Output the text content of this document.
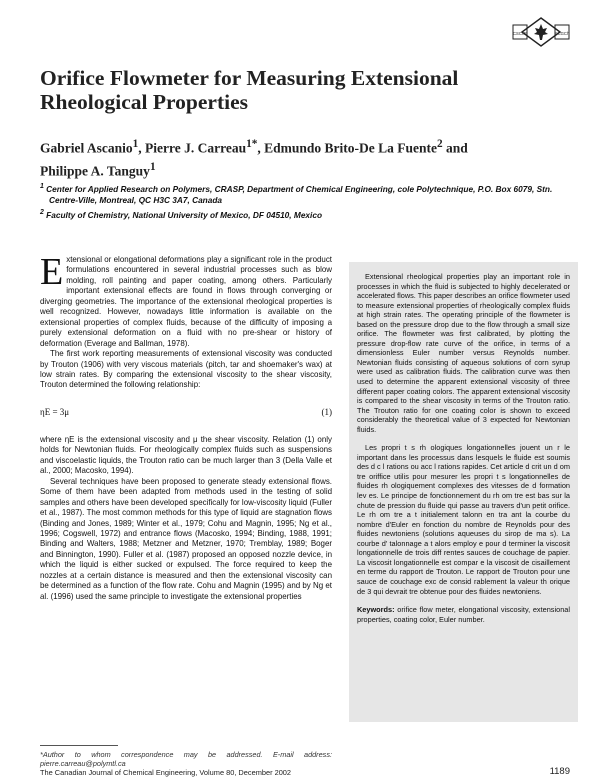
CSChE	SCGCh
Orifice Flowmeter for Measuring Extensional Rheological Properties
Gabriel Ascanio$^1$, Pierre J. Carreau$^{1*}$, Edmundo Brito-De La Fuente$^2$ and
Philippe A. Tanguy$^1$
$^1$ Center for Applied Research on Polymers, CRASP, Department of Chemical Engineering, cole Polytechnique, P.O. Box 6079, Stn. Centre-Ville, Montreal, QC H3C 3A7, Canada
$^2$ Faculty of Chemistry, National University of Mexico, DF 04510, Mexico

Extensional or elongational deformations play a significant role in the product formulations encountered in several industrial processes such as blow molding, roll painting and paper coating, among others. Particularly important extensional effects are found in flows through converging or diverging geometries. The importance of the extensional rheological properties is well recognized. However, nowadays little information is available on the extensional properties of complex fluids, because of the difficulty of imposing a purely extensional deformation on a fluid with no pre-shear or history of deformation (Everage and Ballman, 1978).

The first work reporting measurements of extensional viscosity was conducted by Trouton (1906) with very viscous materials (pitch, tar and shoemaker's wax) at low strain rates. By comparing the extensional viscosity to the shear viscosity, Trouton determined the following relationship:

ηE = 3μ	(1)

where ηE is the extensional viscosity and μ the shear viscosity. Relation (1) only holds for Newtonian fluids. For rheologically complex fluids such as suspensions and viscoelastic liquids, the Trouton ratio can be much larger than 3 (Della Valle et al., 2000; Macosko, 1994).

Several techniques have been proposed to generate steady extensional flows. Some of them have been adapted from methods used in the testing of solid samples and others have been developed specifically for low-viscosity liquid (Fuller et al., 1987). The most common methods for this type of liquid are stagnation flows (Binding and Jones, 1989; Winter et al., 1979; Cohu and Magnin, 1995; Ng et al., 1996; Cogswell, 1972) and entrance flows (Macosko, 1994; Binding, 1988, 1991; Binding and Walters, 1988; Metzner and Metzner, 1970; Tremblay, 1989; Boger and Binnington, 1990). Fuller et al. (1987) proposed an opposed nozzle device, in which the liquid is either sucked or expulsed. The force required to keep the nozzles at a certain distance is measured and then the extensional viscosity can be determined as a function of the flow rate. Cohu and Magnin (1995) and by Ng et al. (1996) used the same principle to investigate the extensional properties

Extensional rheological properties play an important role in processes in which the fluid is subjected to highly decelerated or accelerated flows. This paper describes an orifice flowmeter used to measure extensional properties of rheologically complex fluids at high strain rates. The operating principle of the flowmeter is based on the pressure drop due to the flow through a small size orifice. The flowmeter was first calibrated, by plotting the pressure drop-flow rate curve of the orifice, in terms of a dimensionless Euler number versus Reynolds number. Newtonian fluids consisting of aqueous solutions of corn syrup were used as calibration fluids. The calibration curve was then used to determine the apparent extensional viscosity of three different paper coating colors. The apparent extensional viscosity is compared to the shear viscosity in terms of the Trouton ratio. The Trouton ratio for one coating color is shown to exceed considerably the theoretical value of 3 expected for Newtonian fluids.

Les propri t s rh ologiques longationnelles jouent un r le important dans les processus dans lesquels le fluide est soumis des d c l rations ou acc l rations rapides. Cet article d crit un d om tre oriffice utilis pour mesurer les propri t s longationnelles de fluides rh ologiquement complexes des vitesses de d formation lev es. Le principe de fonctionnement du rh om tre est bas sur la chute de pression du fluide qui passe au travers d'un petit orifice. Le rh om tre a t initialement talonn en tra ant la courbe du nombre d'Euler en fonction du nombre de Reynolds pour des fluides newtoniens (solutions aqueuses du sirop de ma s). La courbe d' talonnage a t alors employ e pour d terminer la viscosit longationnelle de trois diff rentes sauces de couchage de papier. La viscosit longationnelle est compar e la viscosit de cisaillement en terme du rapport de Trouton. Le rapport de Trouton pour une sauce de couchage exc de consid rablement la valeur th orique de 3 qui devrait tre obtenue pour des fluides newtoniens.

Keywords: orifice flow meter, elongational viscosity, extensional properties, coating color, Euler number.

*Author to whom correspondence may be addressed. E-mail address: pierre.carreau@polymtl.ca
The Canadian Journal of Chemical Engineering, Volume 80, December 2002	1189
